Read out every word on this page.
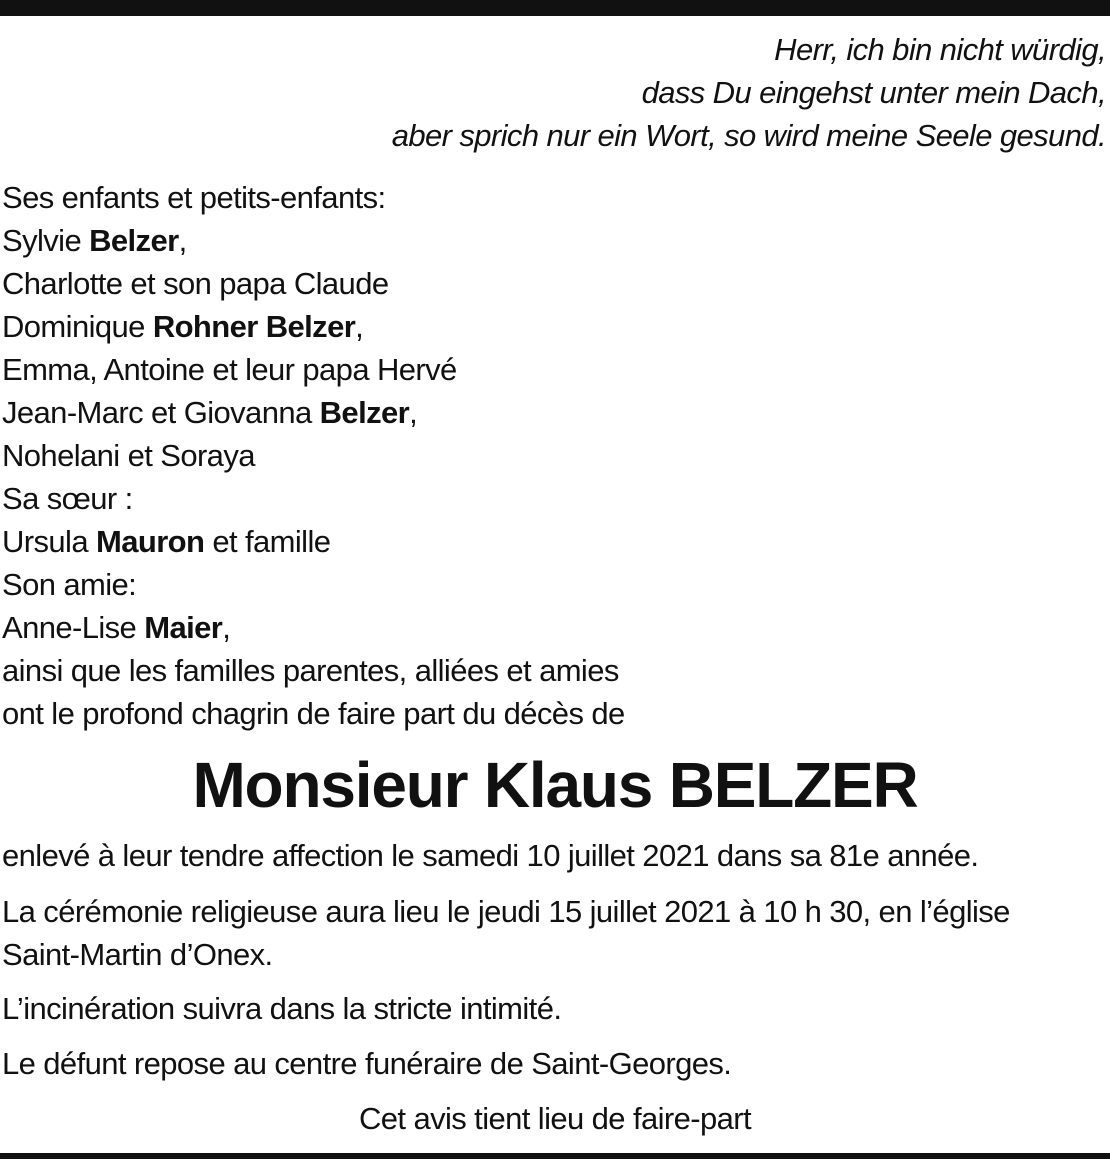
Herr, ich bin nicht würdig,
dass Du eingehst unter mein Dach,
aber sprich nur ein Wort, so wird meine Seele gesund.
Ses enfants et petits-enfants:
Sylvie Belzer,
Charlotte et son papa Claude
Dominique Rohner Belzer,
Emma, Antoine et leur papa Hervé
Jean-Marc et Giovanna Belzer,
Nohelani et Soraya
Sa sœur :
Ursula Mauron et famille
Son amie:
Anne-Lise Maier,
ainsi que les familles parentes, alliées et amies
ont le profond chagrin de faire part du décès de
Monsieur Klaus BELZER
enlevé à leur tendre affection le samedi 10 juillet 2021 dans sa 81e année.
La cérémonie religieuse aura lieu le jeudi 15 juillet 2021 à 10 h 30, en l’église
Saint-Martin d’Onex.
L’incinération suivra dans la stricte intimité.
Le défunt repose au centre funéraire de Saint-Georges.
Cet avis tient lieu de faire-part
